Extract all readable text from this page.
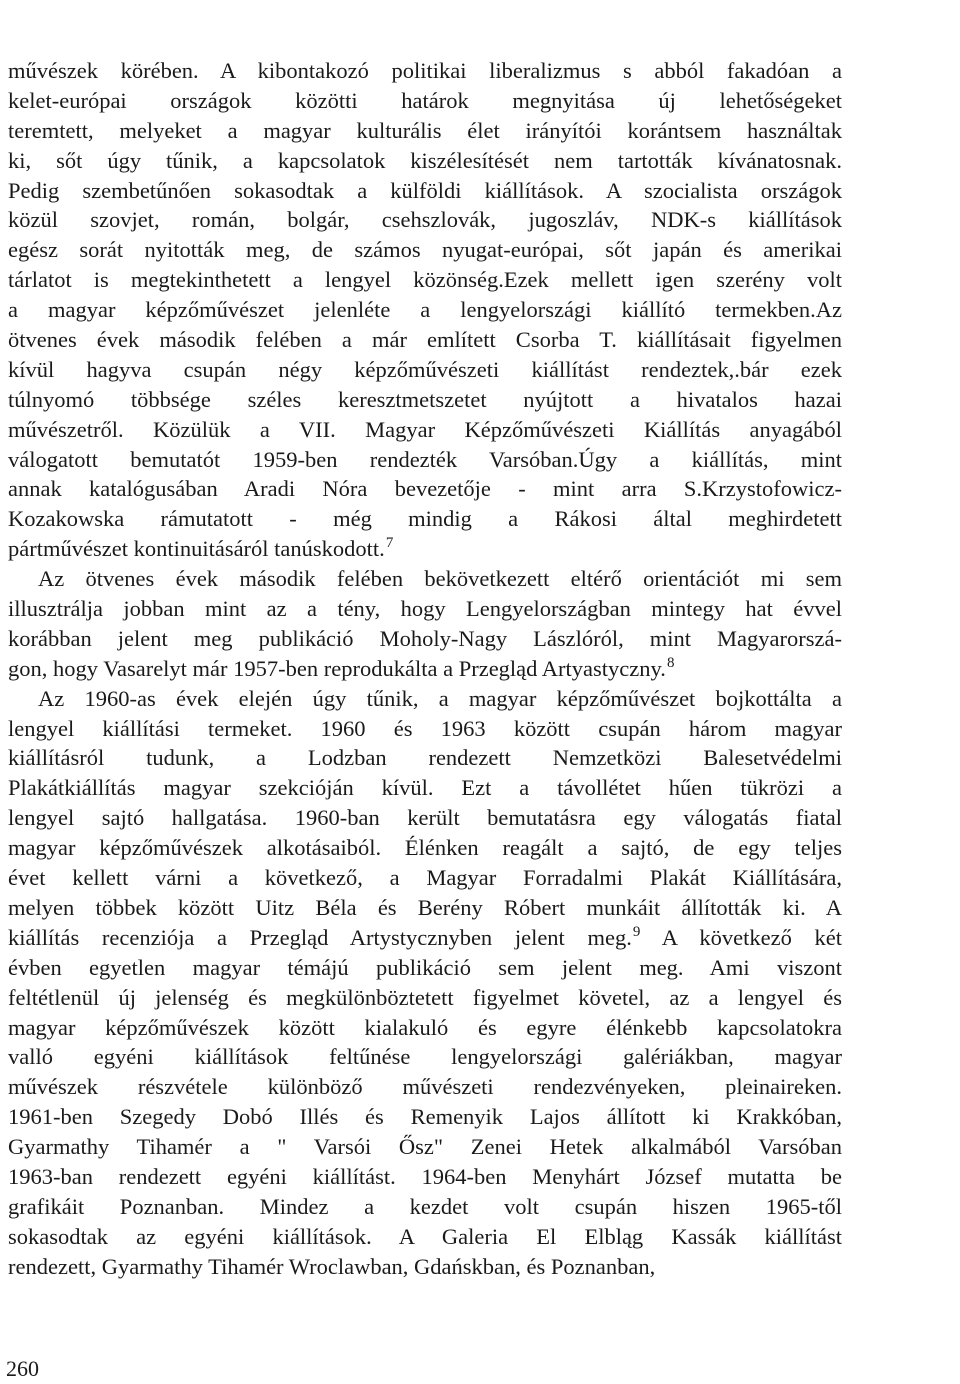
művészek körében. A kibontakozó politikai liberalizmus s abból fakadóan a
kelet-európai országok közötti határok megnyitása új lehetőségeket
teremtett, melyeket a magyar kulturális élet irányítói korántsem használtak
ki, sőt úgy tűnik, a kapcsolatok kiszélesítését nem tartották kívánatosnak.
Pedig szembetűnően sokasodtak a külföldi kiállítások. A szocialista országok
közül szovjet, román, bolgár, csehszlovák, jugoszláv, NDK-s kiállítások
egész sorát nyitották meg, de számos nyugat-európai, sőt japán és amerikai
tárlatot is megtekinthetett a lengyel közönség.Ezek mellett igen szerény volt
a magyar képzőművészet jelenléte a lengyelországi kiállító termekben.Az
ötvenes évek második felében a már említett Csorba T. kiállításait figyelmen
kívül hagyva csupán négy képzőművészeti kiállítást rendeztek,.bár ezek
túlnyomó többsége széles keresztmetszetet nyújtott a hivatalos hazai
művészetről. Közülük a VII. Magyar Képzőművészeti Kiállítás anyagából
válogatott bemutatót 1959-ben rendezték Varsóban.Úgy a kiállítás, mint
annak katalógusában Aradi Nóra bevezetője - mint arra S.Krzystofowicz-
Kozakowska rámutatott - még mindig a Rákosi által meghirdetett
pártművészet kontinuitásáról tanúskodott.$^7$
Az ötvenes évek második felében bekövetkezett eltérő orientációt mi sem
illusztrálja jobban mint az a tény, hogy Lengyelországban mintegy hat évvel
korábban jelent meg publikáció Moholy-Nagy Lászlóról, mint Magyarorszá-
gon, hogy Vasarelyt már 1957-ben reprodukálta a Przegląd Artyastyczny.$^8$
Az 1960-as évek elején úgy tűnik, a magyar képzőművészet bojkottálta a
lengyel kiállítási termeket. 1960 és 1963 között csupán három magyar
kiállításról tudunk, a Lodzban rendezett Nemzetközi Balesetvédelmi
Plakátkiállítás magyar szekcióján kívül. Ezt a távollétet hűen tükrözi a
lengyel sajtó hallgatása. 1960-ban került bemutatásra egy válogatás fiatal
magyar képzőművészek alkotásaiból. Élénken reagált a sajtó, de egy teljes
évet kellett várni a következő, a Magyar Forradalmi Plakát Kiállítására,
melyen többek között Uitz Béla és Berény Róbert munkáit állították ki. A
kiállítás recenziója a Przegląd Artystycznyben jelent meg.$^9$ A következő két
évben egyetlen magyar témájú publikáció sem jelent meg. Ami viszont
feltétlenül új jelenség és megkülönböztetett figyelmet követel, az a lengyel és
magyar képzőművészek között kialakuló és egyre élénkebb kapcsolatokra
valló egyéni kiállítások feltűnése lengyelországi galériákban, magyar
művészek részvétele különböző művészeti rendezvényeken, pleinaireken.
1961-ben Szegedy Dobó Illés és Remenyik Lajos állított ki Krakkóban,
Gyarmathy Tihamér a " Varsói Ősz" Zenei Hetek alkalmából Varsóban
1963-ban rendezett egyéni kiállítást. 1964-ben Menyhárt József mutatta be
grafikáit Poznanban. Mindez a kezdet volt csupán hiszen 1965-től
sokasodtak az egyéni kiállítások. A Galeria El Elbląg Kassák kiállítást
rendezett, Gyarmathy Tihamér Wroclawban, Gdańskban, és Poznanban,
260
